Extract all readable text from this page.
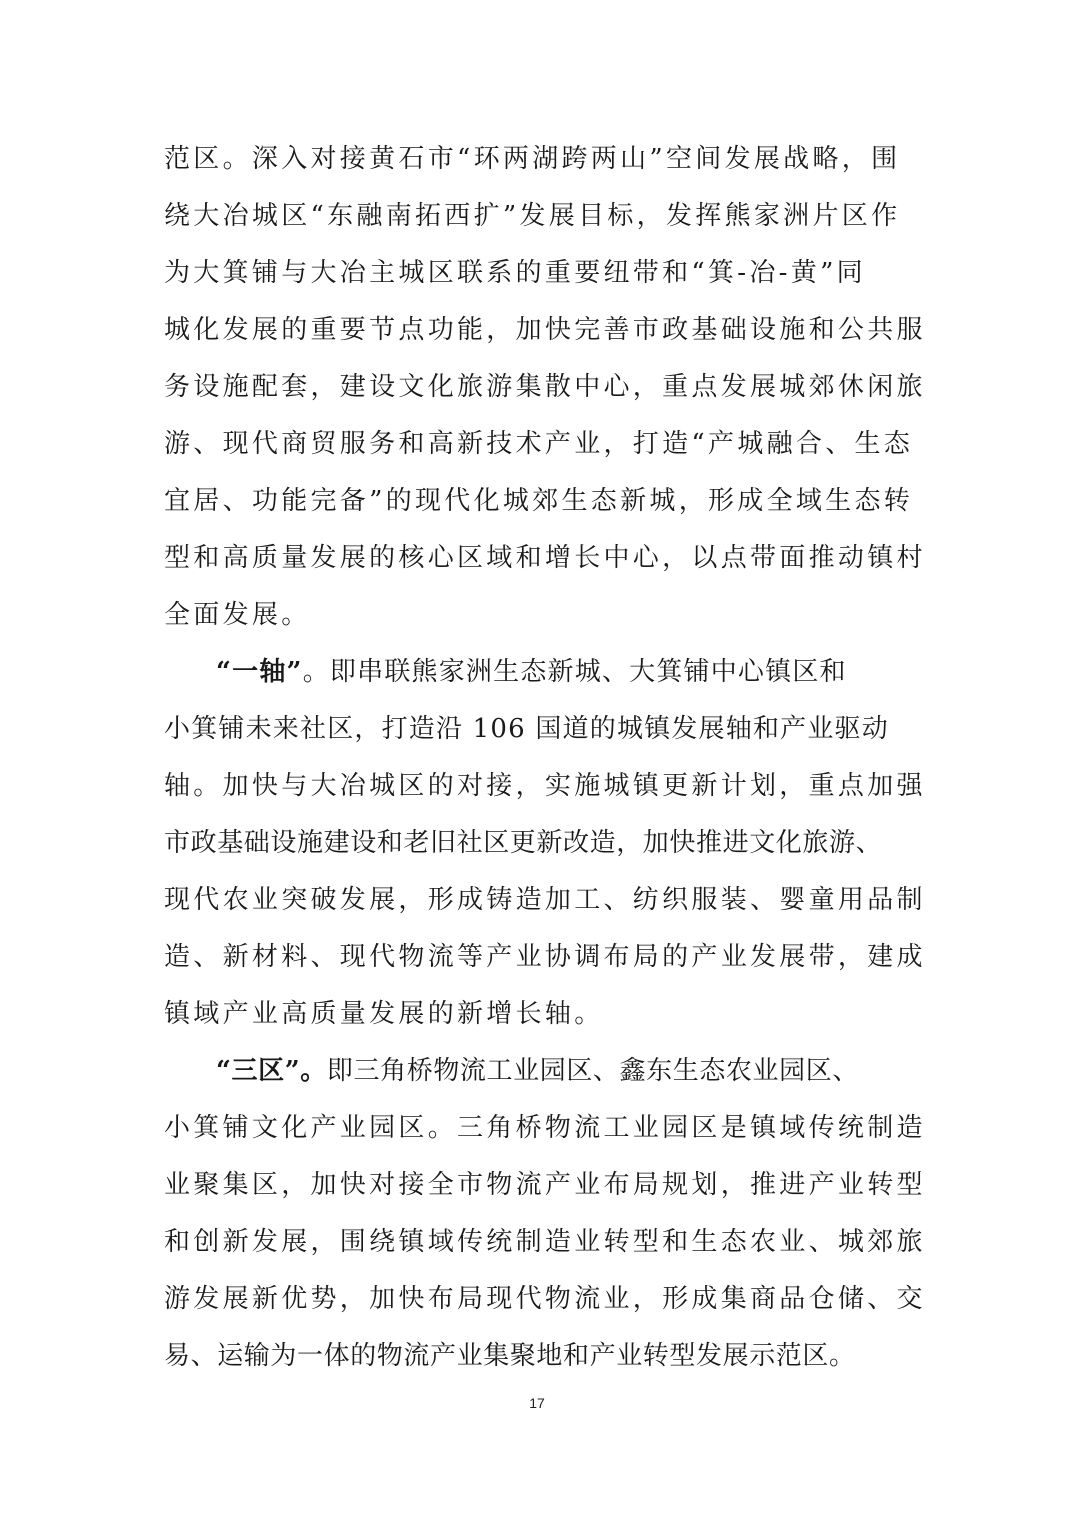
范区。深入对接黄石市“环两湖跨两山”空间发展战略，围
绕大冶城区“东融南拓西扩”发展目标，发挥熊家洲片区作
为大箕铺与大冶主城区联系的重要纽带和“箕-冶-黄”同
城化发展的重要节点功能，加快完善市政基础设施和公共服
务设施配套，建设文化旅游集散中心，重点发展城郊休闲旅
游、现代商贸服务和高新技术产业，打造“产城融合、生态
宜居、功能完备”的现代化城郊生态新城，形成全域生态转
型和高质量发展的核心区域和增长中心，以点带面推动镇村
全面发展。
“一轴”。即串联熊家洲生态新城、大箕铺中心镇区和
小箕铺未来社区，打造沿 106 国道的城镇发展轴和产业驱动
轴。加快与大冶城区的对接，实施城镇更新计划，重点加强
市政基础设施建设和老旧社区更新改造，加快推进文化旅游、
现代农业突破发展，形成铸造加工、纺织服装、婴童用品制
造、新材料、现代物流等产业协调布局的产业发展带，建成
镇域产业高质量发展的新增长轴。
“三区”。即三角桥物流工业园区、鑫东生态农业园区、
小箕铺文化产业园区。三角桥物流工业园区是镇域传统制造
业聚集区，加快对接全市物流产业布局规划，推进产业转型
和创新发展，围绕镇域传统制造业转型和生态农业、城郊旅
游发展新优势，加快布局现代物流业，形成集商品仓储、交
易、运输为一体的物流产业集聚地和产业转型发展示范区。
17
